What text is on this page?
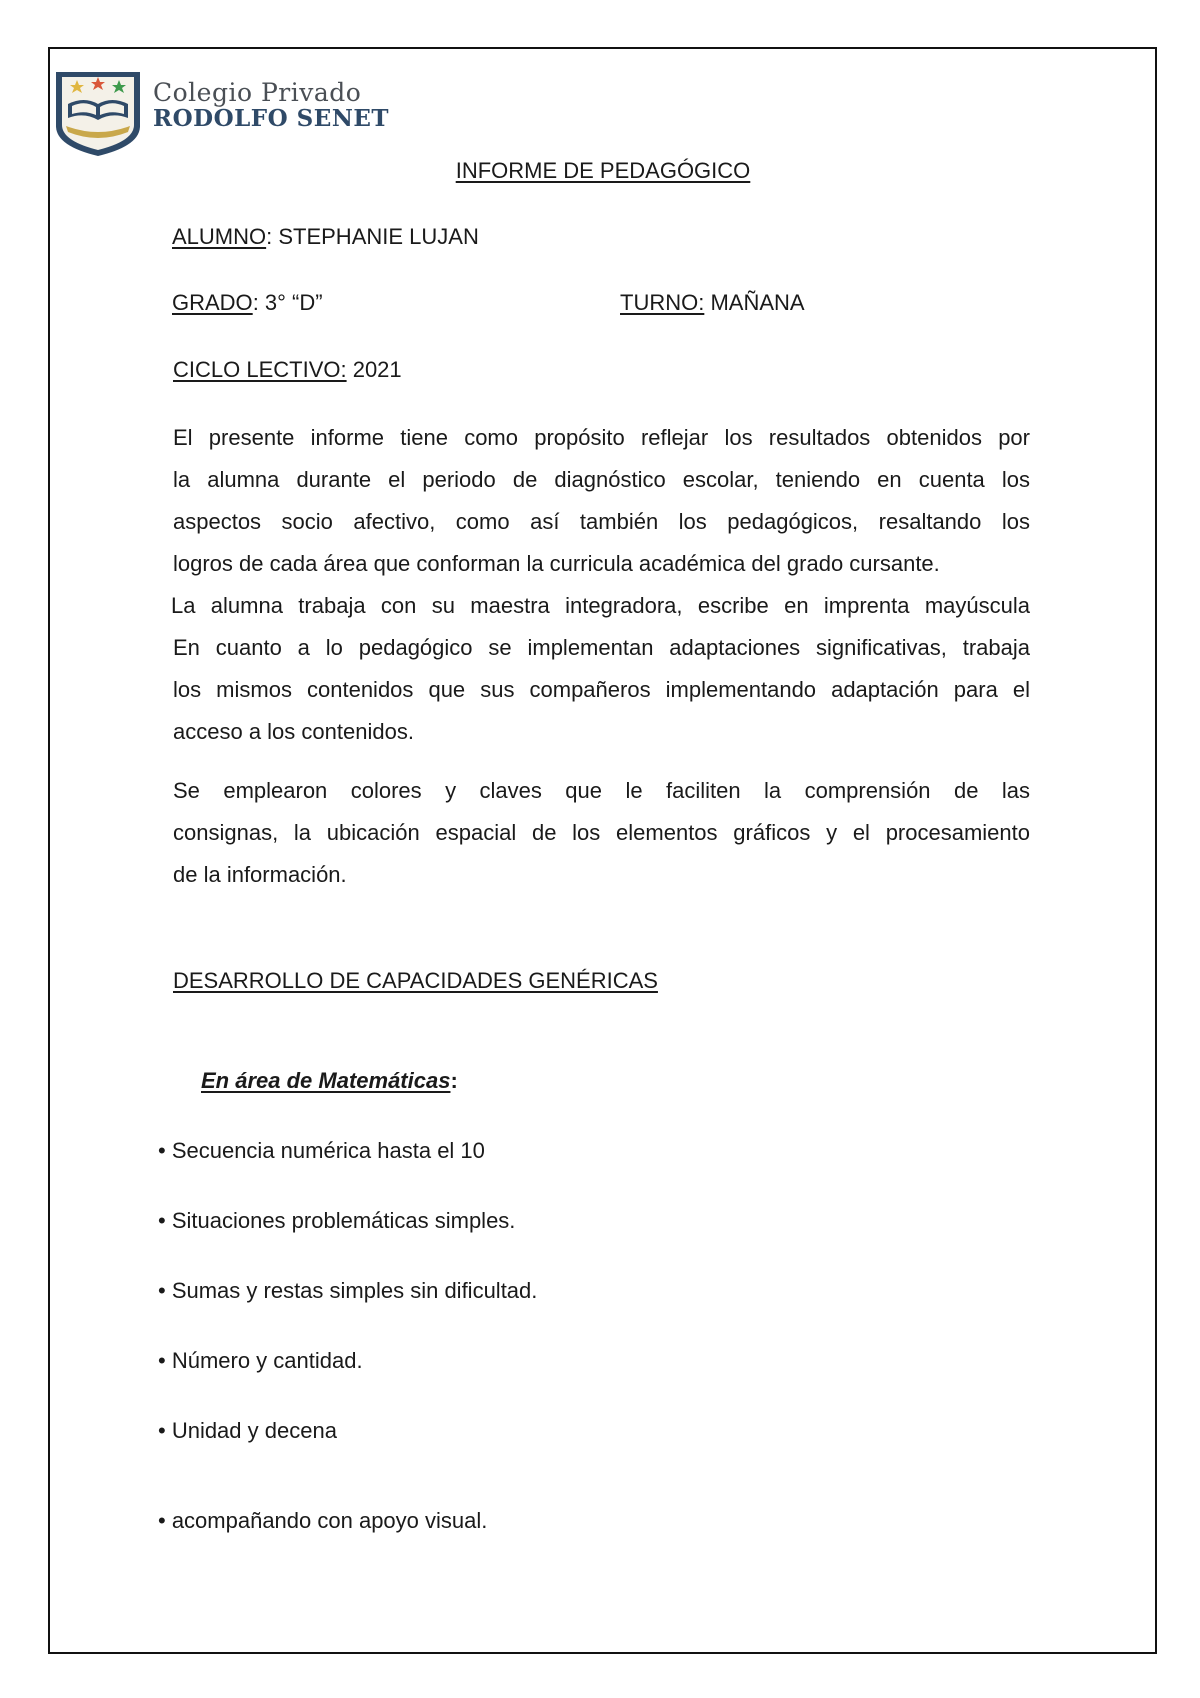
Colegio Privado
RODOLFO SENET
INFORME DE PEDAGÓGICO
ALUMNO: STEPHANIE LUJAN
GRADO: 3° “D”	TURNO: MAÑANA
CICLO LECTIVO: 2021
El presente informe tiene como propósito reflejar los resultados obtenidos por
la alumna durante el periodo de diagnóstico escolar, teniendo en cuenta los
aspectos socio afectivo, como así también los pedagógicos, resaltando los
logros de cada área que conforman la curricula académica del grado cursante.
La alumna trabaja con su maestra integradora, escribe en imprenta mayúscula
En cuanto a lo pedagógico se implementan adaptaciones significativas, trabaja
los mismos contenidos que sus compañeros implementando adaptación para el
acceso a los contenidos.
Se emplearon colores y claves que le faciliten la comprensión de las
consignas, la ubicación espacial de los elementos gráficos y el procesamiento
de la información.
DESARROLLO DE CAPACIDADES GENÉRICAS
En área de Matemáticas:
• Secuencia numérica hasta el 10
• Situaciones problemáticas simples.
• Sumas y restas simples sin dificultad.
• Número y cantidad.
• Unidad y decena
• acompañando con apoyo visual.
